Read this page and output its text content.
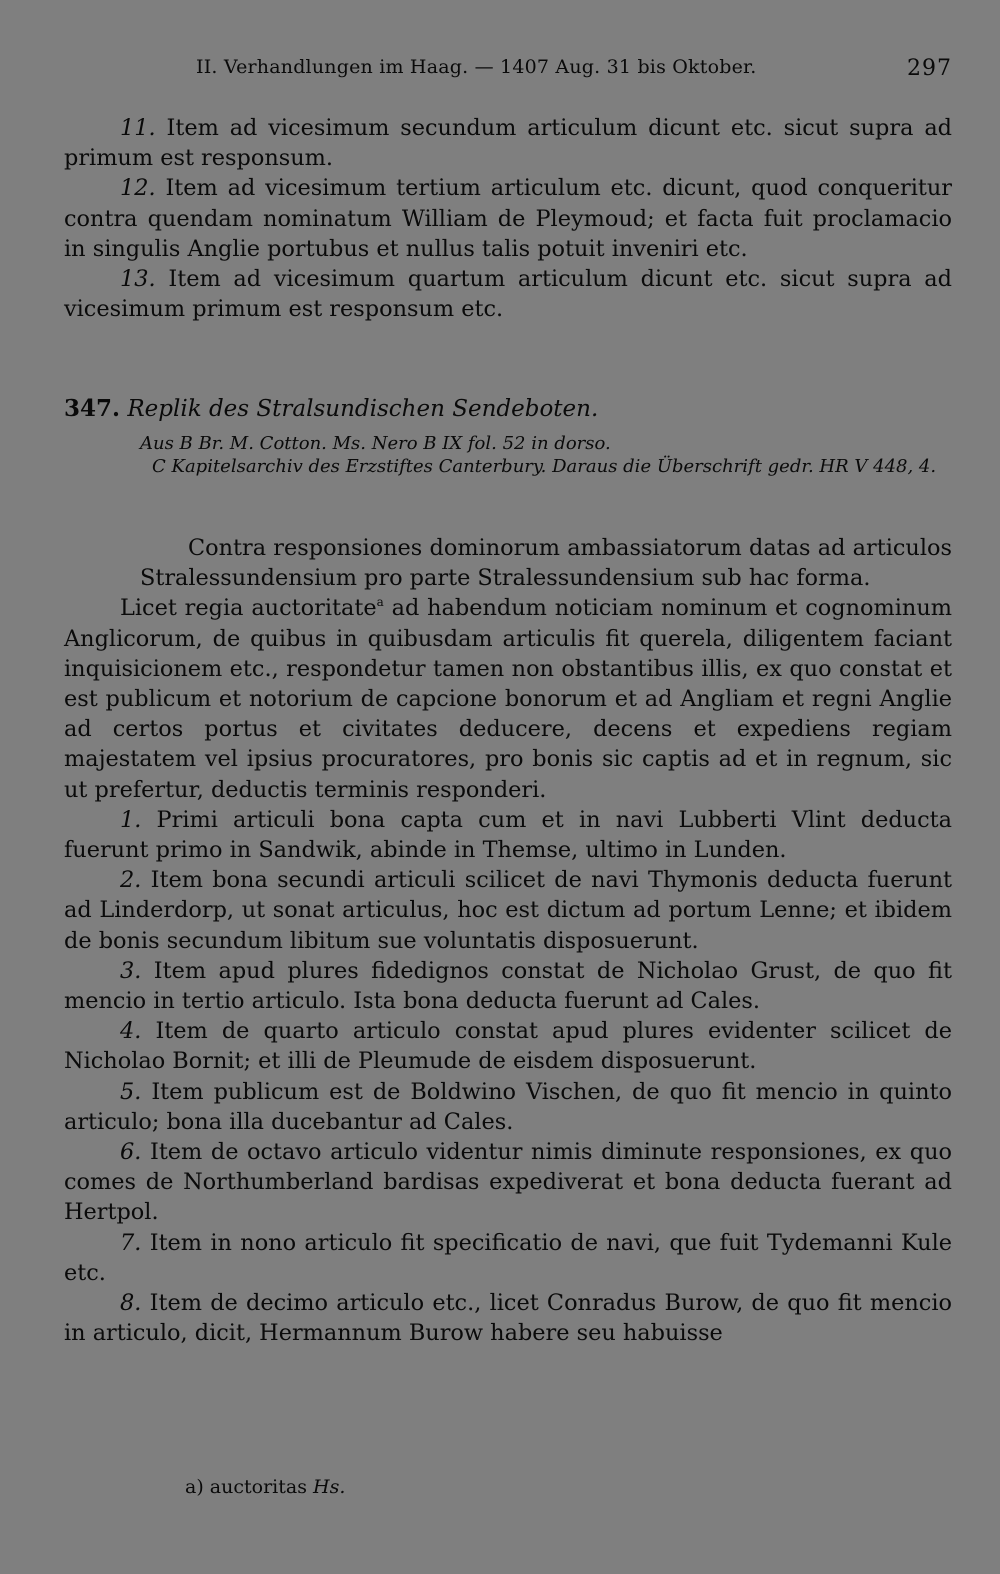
II. Verhandlungen im Haag. — 1407 Aug. 31 bis Oktober.	297

11. Item ad vicesimum secundum articulum dicunt etc. sicut supra ad primum est responsum.

12. Item ad vicesimum tertium articulum etc. dicunt, quod conqueritur contra quendam nominatum William de Pleymoud; et facta fuit proclamacio in singulis Anglie portubus et nullus talis potuit inveniri etc.

13. Item ad vicesimum quartum articulum dicunt etc. sicut supra ad vicesimum primum est responsum etc.

347. Replik des Stralsundischen Sendeboten.

Aus B Br. M. Cotton. Ms. Nero B IX fol. 52 in dorso.

C Kapitelsarchiv des Erzstiftes Canterbury. Daraus die Überschrift gedr. HR V 448, 4.

Contra responsiones dominorum ambassiatorum datas ad articulos Stralessundensium pro parte Stralessundensium sub hac forma.

Licet regia auctoritate$^a$ ad habendum noticiam nominum et cognominum Anglicorum, de quibus in quibusdam articulis fit querela, diligentem faciant inquisicionem etc., respondetur tamen non obstantibus illis, ex quo constat et est publicum et notorium de capcione bonorum et ad Angliam et regni Anglie ad certos portus et civitates deducere, decens et expediens regiam majestatem vel ipsius procuratores, pro bonis sic captis ad et in regnum, sic ut prefertur, deductis terminis responderi.

1. Primi articuli bona capta cum et in navi Lubberti Vlint deducta fuerunt primo in Sandwik, abinde in Themse, ultimo in Lunden.

2. Item bona secundi articuli scilicet de navi Thymonis deducta fuerunt ad Linderdorp, ut sonat articulus, hoc est dictum ad portum Lenne; et ibidem de bonis secundum libitum sue voluntatis disposuerunt.

3. Item apud plures fidedignos constat de Nicholao Grust, de quo fit mencio in tertio articulo. Ista bona deducta fuerunt ad Cales.

4. Item de quarto articulo constat apud plures evidenter scilicet de Nicholao Bornit; et illi de Pleumude de eisdem disposuerunt.

5. Item publicum est de Boldwino Vischen, de quo fit mencio in quinto articulo; bona illa ducebantur ad Cales.

6. Item de octavo articulo videntur nimis diminute responsiones, ex quo comes de Northumberland bardisas expediverat et bona deducta fuerant ad Hertpol.

7. Item in nono articulo fit specificatio de navi, que fuit Tydemanni Kule etc.

8. Item de decimo articulo etc., licet Conradus Burow, de quo fit mencio in articulo, dicit, Hermannum Burow habere seu habuisse

a) auctoritas Hs.
